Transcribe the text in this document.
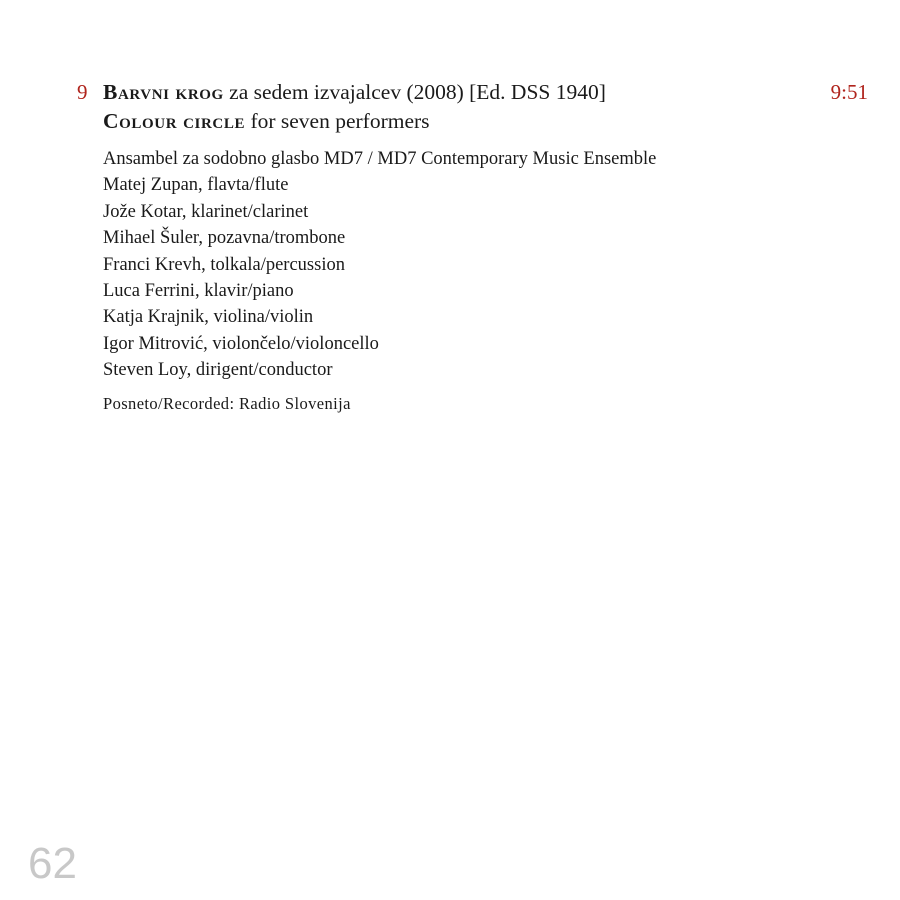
9 Barvni krog za sedem izvajalcev (2008) [Ed. DSS 1940]
Colour circle for seven performers
9:51
Ansambel za sodobno glasbo MD7 / MD7 Contemporary Music Ensemble
Matej Zupan, flavta/flute
Jože Kotar, klarinet/clarinet
Mihael Šuler, pozavna/trombone
Franci Krevh, tolkala/percussion
Luca Ferrini, klavir/piano
Katja Krajnik, violina/violin
Igor Mitrović, violončelo/violoncello
Steven Loy, dirigent/conductor
Posneto/Recorded: Radio Slovenija
62
